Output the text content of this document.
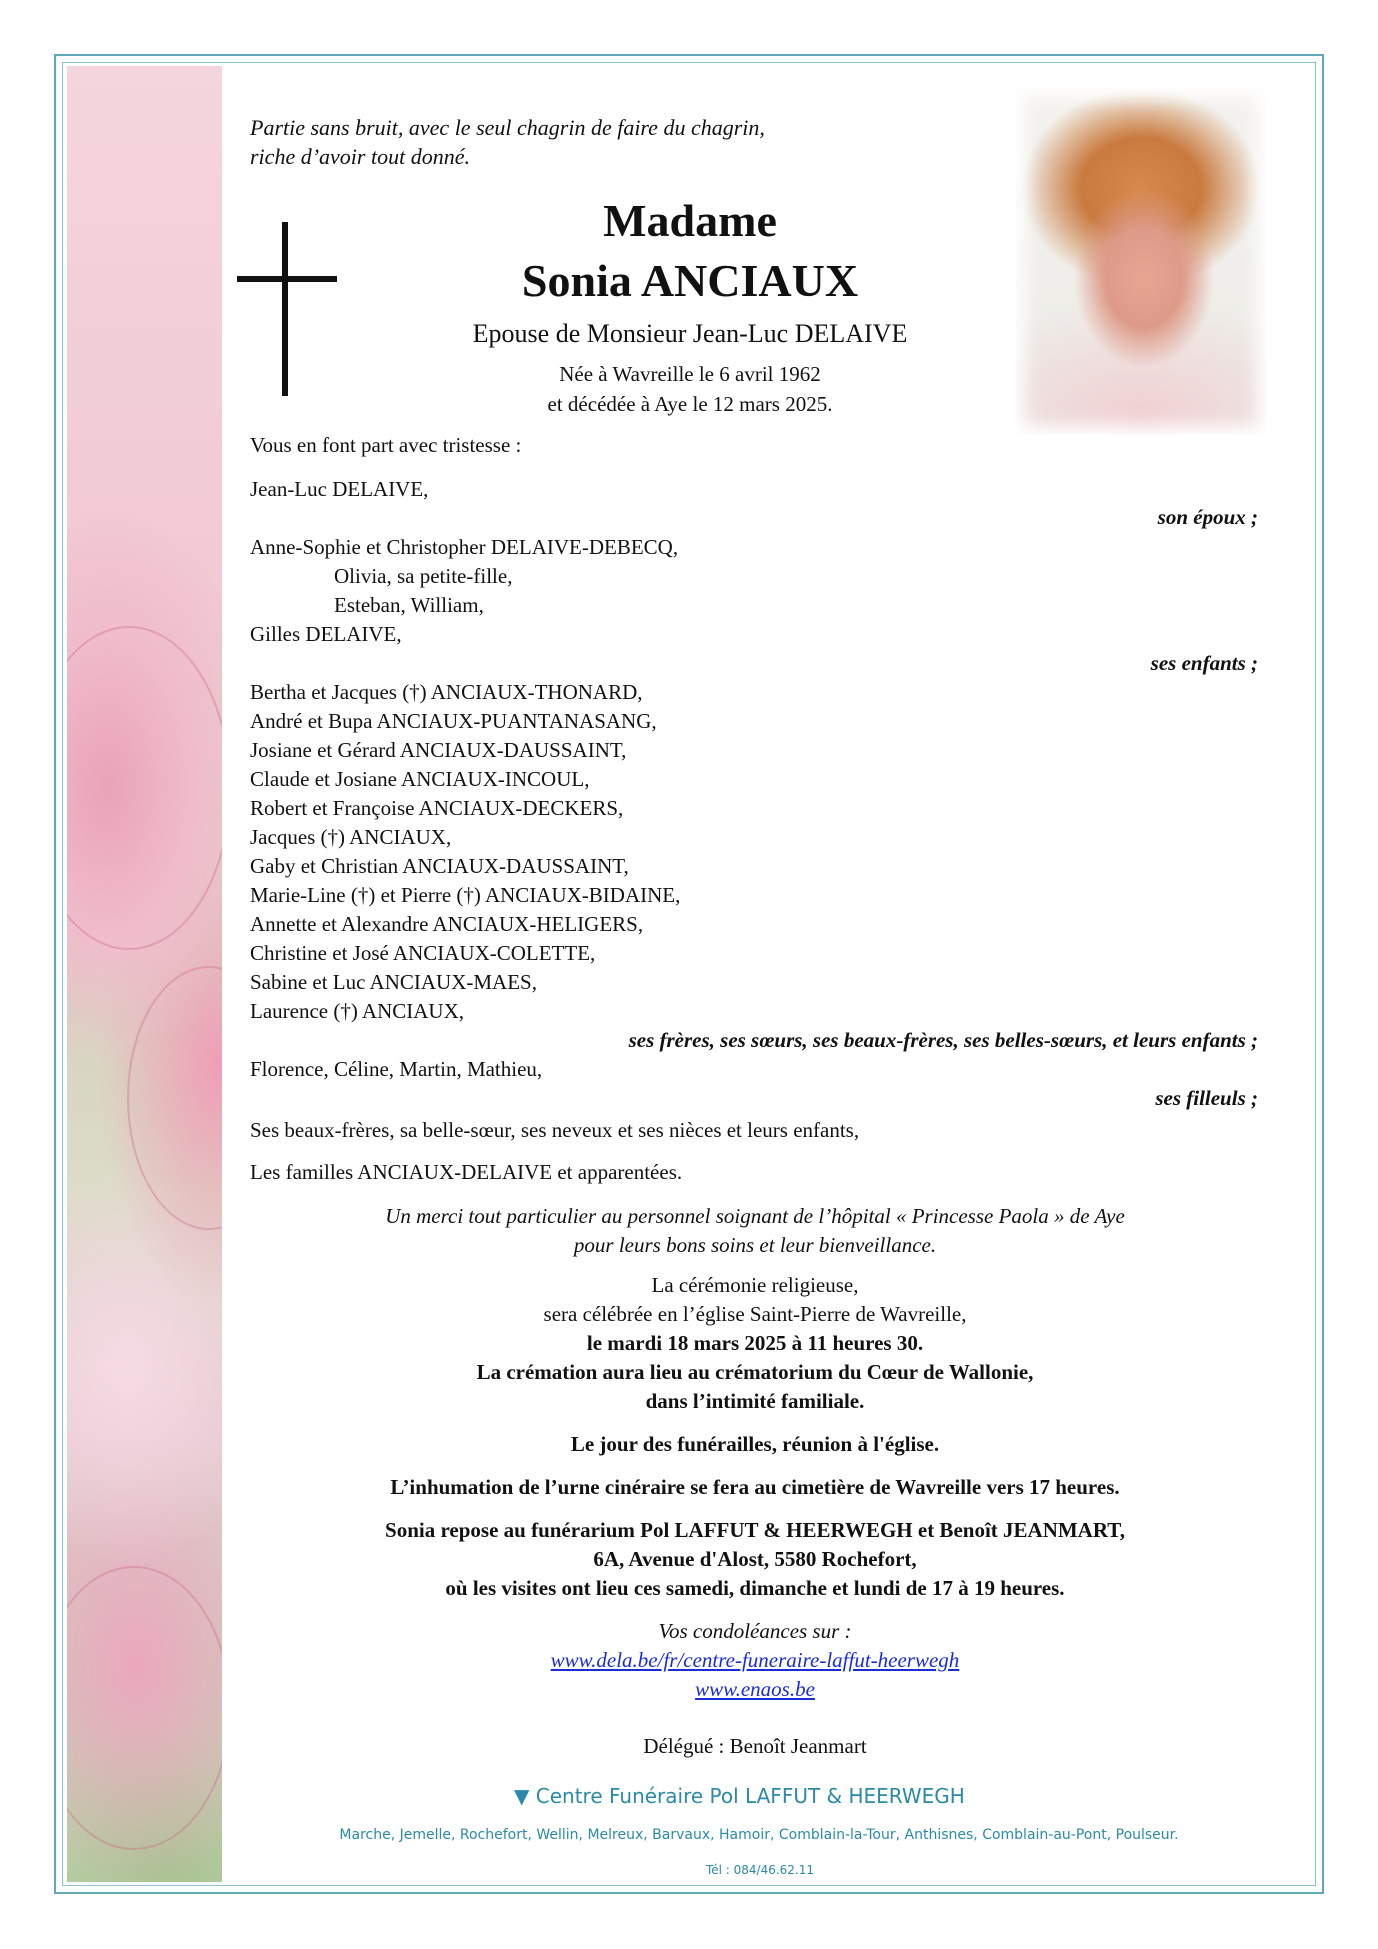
Partie sans bruit, avec le seul chagrin de faire du chagrin,
riche d’avoir tout donné.
Madame
Sonia ANCIAUX
Epouse de Monsieur Jean-Luc DELAIVE
Née à Wavreille le 6 avril 1962
et décédée à Aye le 12 mars 2025.
Vous en font part avec tristesse :
Jean-Luc DELAIVE,
son époux ;
Anne-Sophie et Christopher DELAIVE-DEBECQ,
Olivia, sa petite-fille,
Esteban, William,
Gilles DELAIVE,
ses enfants ;
Bertha et Jacques (†) ANCIAUX-THONARD,
André et Bupa ANCIAUX-PUANTANASANG,
Josiane et Gérard ANCIAUX-DAUSSAINT,
Claude et Josiane ANCIAUX-INCOUL,
Robert et Françoise ANCIAUX-DECKERS,
Jacques (†) ANCIAUX,
Gaby et Christian ANCIAUX-DAUSSAINT,
Marie-Line (†) et Pierre (†) ANCIAUX-BIDAINE,
Annette et Alexandre ANCIAUX-HELIGERS,
Christine et José ANCIAUX-COLETTE,
Sabine et Luc ANCIAUX-MAES,
Laurence (†) ANCIAUX,
ses frères, ses sœurs, ses beaux-frères, ses belles-sœurs, et leurs enfants ;
Florence, Céline, Martin, Mathieu,
ses filleuls ;
Ses beaux-frères, sa belle-sœur, ses neveux et ses nièces et leurs enfants,
Les familles ANCIAUX-DELAIVE et apparentées.
Un merci tout particulier au personnel soignant de l’hôpital « Princesse Paola » de Aye
pour leurs bons soins et leur bienveillance.
La cérémonie religieuse,
sera célébrée en l’église Saint-Pierre de Wavreille,
le mardi 18 mars 2025 à 11 heures 30.
La crémation aura lieu au crématorium du Cœur de Wallonie,
dans l’intimité familiale.
Le jour des funérailles, réunion à l'église.
L’inhumation de l’urne cinéraire se fera au cimetière de Wavreille vers 17 heures.
Sonia repose au funérarium Pol LAFFUT & HEERWEGH et Benoît JEANMART,
6A, Avenue d'Alost, 5580 Rochefort,
où les visites ont lieu ces samedi, dimanche et lundi de 17 à 19 heures.
Vos condoléances sur :
www.dela.be/fr/centre-funeraire-laffut-heerwegh
www.enaos.be
Délégué : Benoît Jeanmart
▼ Centre Funéraire Pol LAFFUT & HEERWEGH
Marche, Jemelle, Rochefort, Wellin, Melreux, Barvaux, Hamoir, Comblain-la-Tour, Anthisnes, Comblain-au-Pont, Poulseur.
Tél : 084/46.62.11
